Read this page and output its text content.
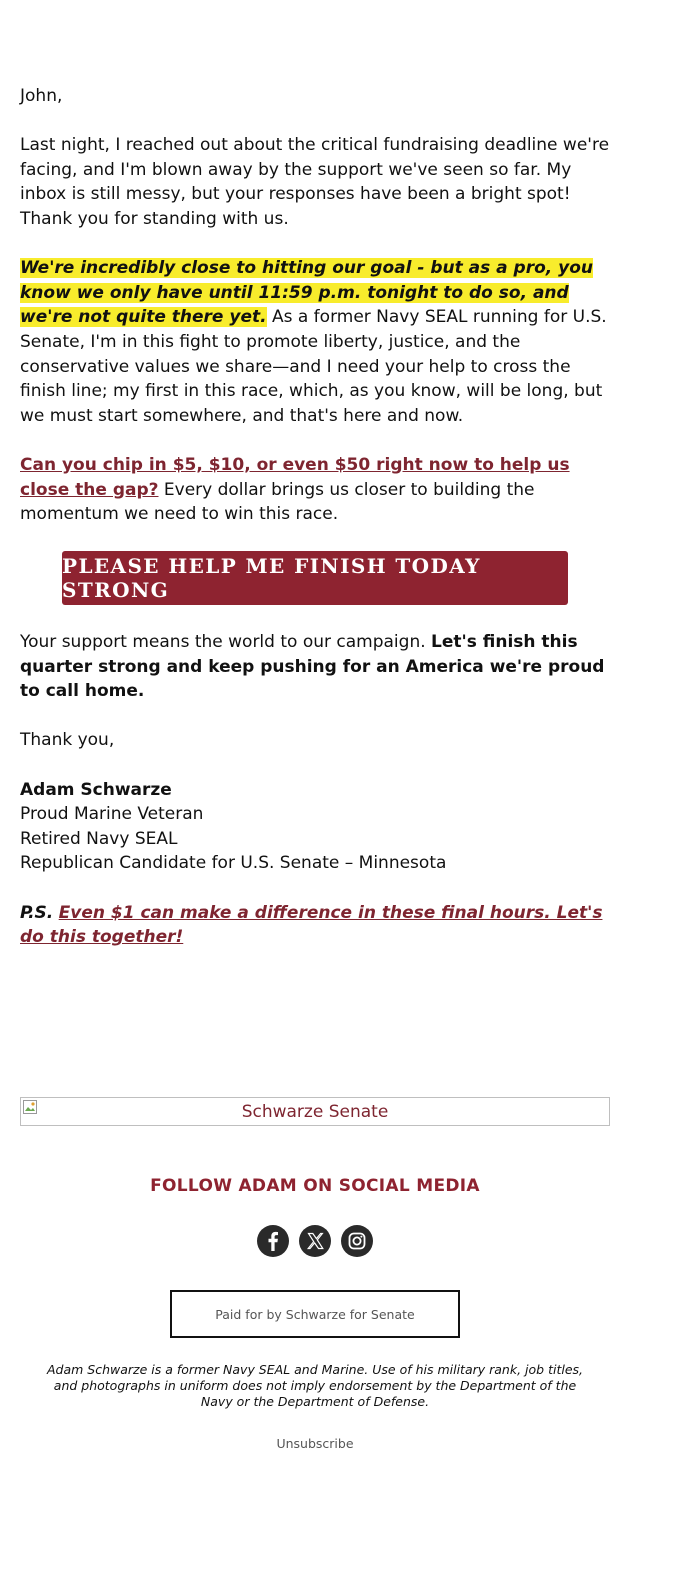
John,

Last night, I reached out about the critical fundraising deadline we're facing, and I'm blown away by the support we've seen so far. My inbox is still messy, but your responses have been a bright spot! Thank you for standing with us.

We're incredibly close to hitting our goal - but as a pro, you know we only have until 11:59 p.m. tonight to do so, and we're not quite there yet. As a former Navy SEAL running for U.S. Senate, I'm in this fight to promote liberty, justice, and the conservative values we share—and I need your help to cross the finish line; my first in this race, which, as you know, will be long, but we must start somewhere, and that's here and now.

Can you chip in $5, $10, or even $50 right now to help us close the gap? Every dollar brings us closer to building the momentum we need to win this race.

PLEASE HELP ME FINISH TODAY STRONG

Your support means the world to our campaign. Let's finish this quarter strong and keep pushing for an America we're proud to call home.

Thank you,

Adam Schwarze
Proud Marine Veteran
Retired Navy SEAL
Republican Candidate for U.S. Senate – Minnesota

P.S. Even $1 can make a difference in these final hours. Let's do this together!

Schwarze Senate
FOLLOW ADAM ON SOCIAL MEDIA
Paid for by Schwarze for Senate
Adam Schwarze is a former Navy SEAL and Marine. Use of his military rank, job titles, and photographs in uniform does not imply endorsement by the Department of the Navy or the Department of Defense.
Unsubscribe
